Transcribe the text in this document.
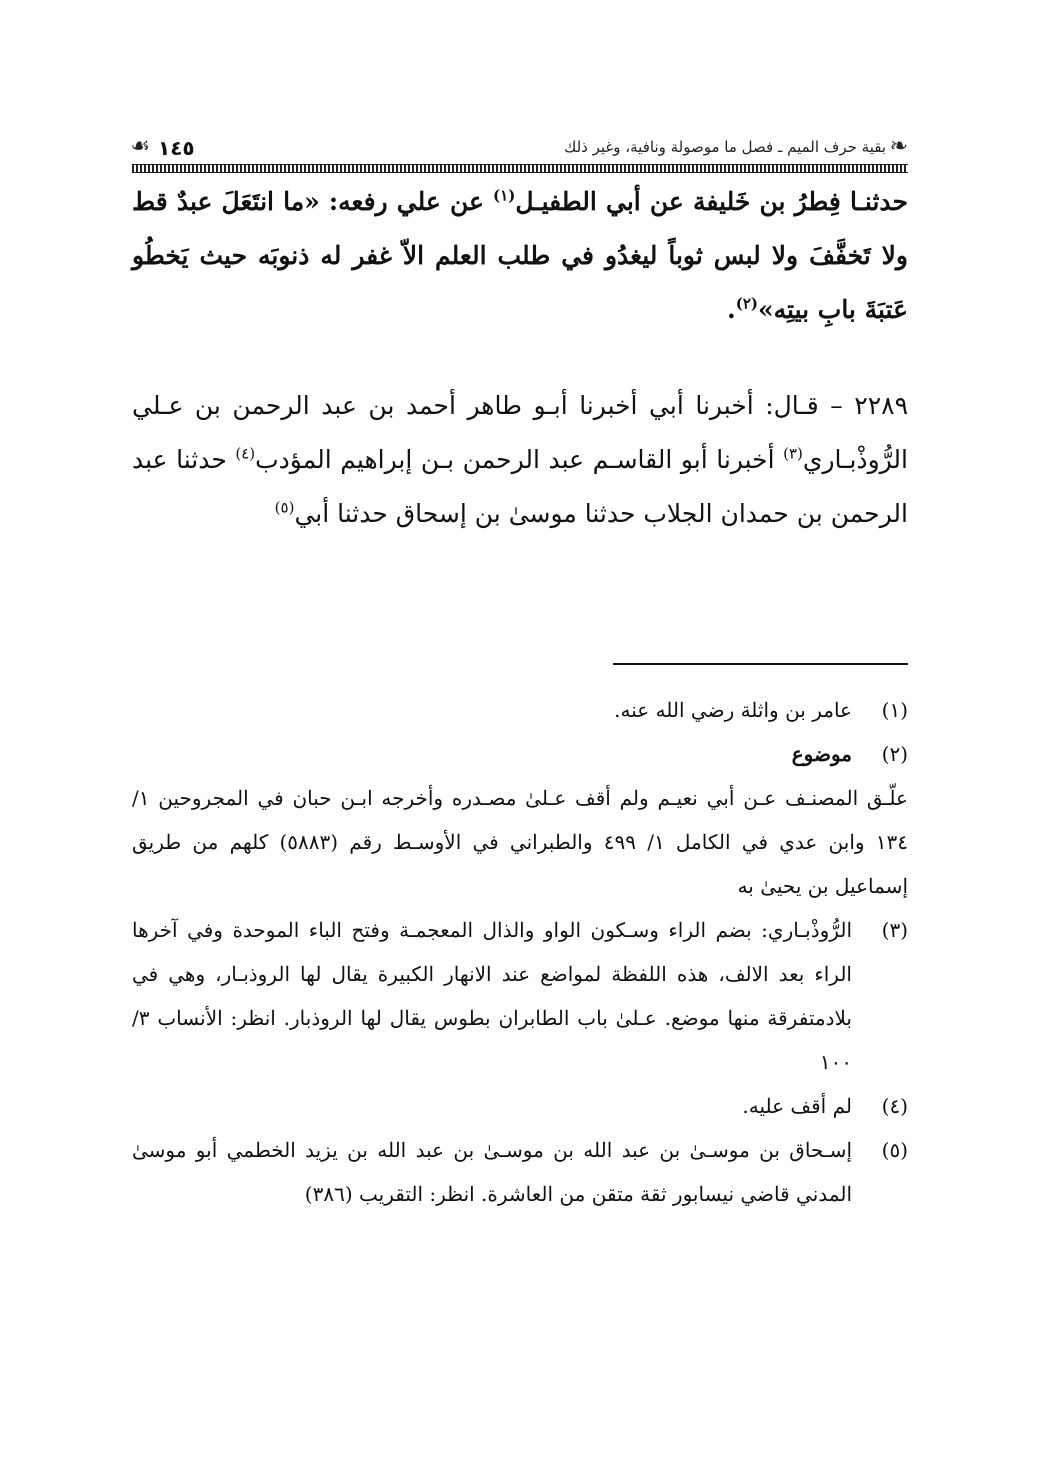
❧
بقية حرف الميم ـ فصل ما موصولة ونافية، وغير ذلك
١٤٥
☙

حدثنـا فِطرُ بن خَليفة عن أبي الطفيـل$^{(١)}$ عن علي رفعه: «ما انتَعَلَ عبدٌ قط ولا تَخفَّفَ ولا لبس ثوباً ليغدُو في طلب العلم الاّ غفر له ذنوبَه حيث يَخطُو عَتبَةَ بابِ بيتِه»$^{(٢)}$.

٢٢٨٩ – قـال: أخبرنا أبي أخبرنا أبـو طاهر أحمد بن عبد الرحمن بن عـلي الرُّوذْبـاري$^{(٣)}$ أخبرنا أبو القاسـم عبد الرحمن بـن إبراهيم المؤدب$^{(٤)}$ حدثنا عبد الرحمن بن حمدان الجلاب حدثنا موسىٰ بن إسحاق حدثنا أبي$^{(٥)}$

(١)
عامر بن واثلة رضي الله عنه.
(٢)
موضوع

علّـق المصنـف عـن أبي نعيـم ولم أقف عـلىٰ مصـدره وأخرجه ابـن حبان في المجروحين ١/ ١٣٤ وابن عدي في الكامل ١/ ٤٩٩ والطبراني في الأوسـط رقم (٥٨٨٣) كلهم من طريق إسماعيل بن يحيىٰ به

(٣)
الرُّوذْبـاري: بضم الراء وسـكون الواو والذال المعجمـة وفتح الباء الموحدة وفي آخرها الراء بعد الالف، هذه اللفظة لمواضع عند الانهار الكبيرة يقال لها الروذبـار، وهي في بلادمتفرقة منها موضع. عـلىٰ باب الطابران بطوس يقال لها الروذبار. انظر: الأنساب ٣/ ١٠٠
(٤)
لم أقف عليه.
(٥)
إسـحاق بن موسـىٰ بن عبد الله بن موسـىٰ بن عبد الله بن يزيد الخطمي أبو موسىٰ المدني قاضي نيسابور ثقة متقن من العاشرة. انظر: التقريب (٣٨٦)
